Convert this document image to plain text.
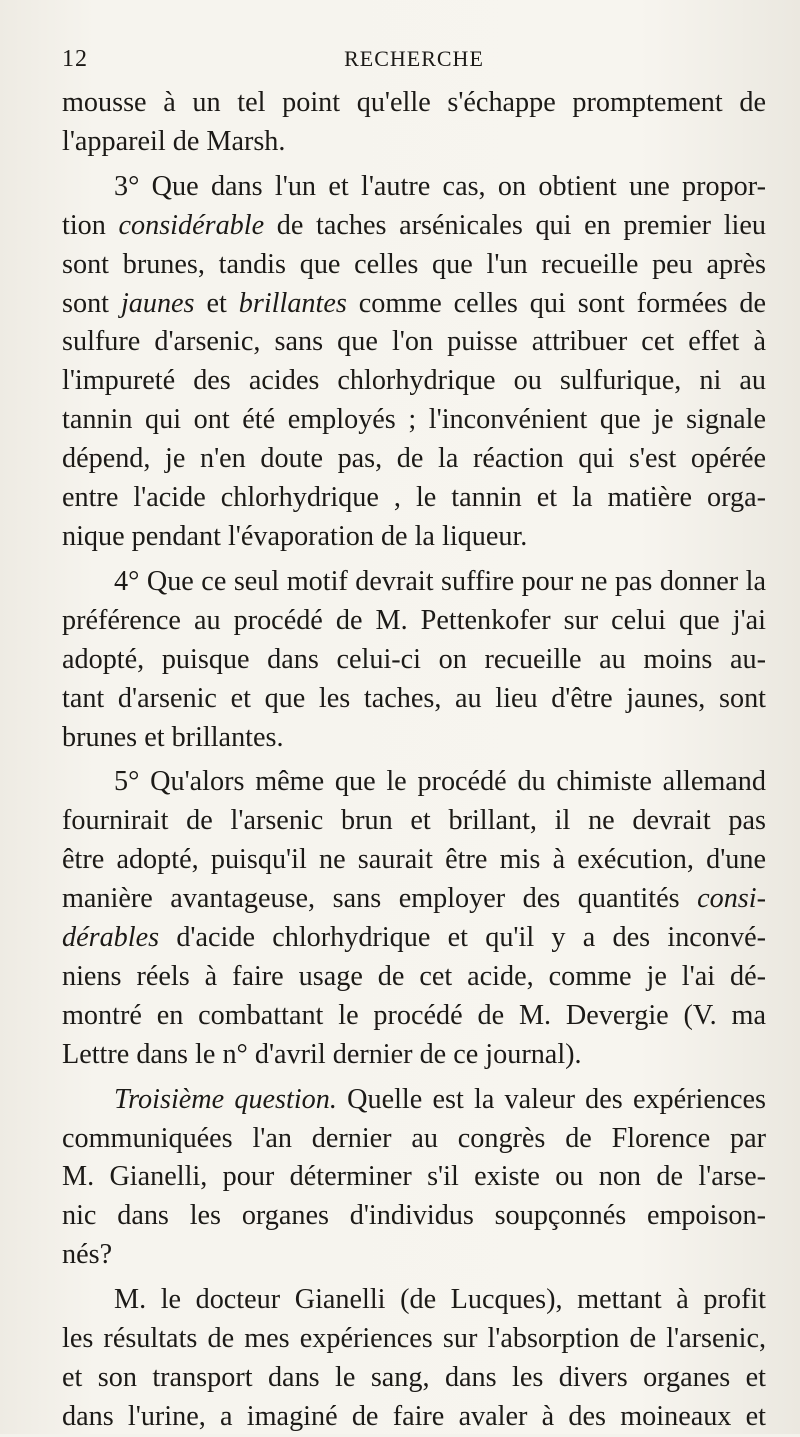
12	RECHERCHE
mousse à un tel point qu'elle s'échappe promptement de
l'appareil de Marsh.
3° Que dans l'un et l'autre cas, on obtient une propor-
tion considérable de taches arsénicales qui en premier lieu
sont brunes, tandis que celles que l'un recueille peu après
sont jaunes et brillantes comme celles qui sont formées de
sulfure d'arsenic, sans que l'on puisse attribuer cet effet à
l'impureté des acides chlorhydrique ou sulfurique, ni au
tannin qui ont été employés ; l'inconvénient que je signale
dépend, je n'en doute pas, de la réaction qui s'est opérée
entre l'acide chlorhydrique , le tannin et la matière orga-
nique pendant l'évaporation de la liqueur.
4° Que ce seul motif devrait suffire pour ne pas donner la
préférence au procédé de M. Pettenkofer sur celui que j'ai
adopté, puisque dans celui-ci on recueille au moins au-
tant d'arsenic et que les taches, au lieu d'être jaunes, sont
brunes et brillantes.
5° Qu'alors même que le procédé du chimiste allemand
fournirait de l'arsenic brun et brillant, il ne devrait pas
être adopté, puisqu'il ne saurait être mis à exécution, d'une
manière avantageuse, sans employer des quantités consi-
dérables d'acide chlorhydrique et qu'il y a des inconvé-
niens réels à faire usage de cet acide, comme je l'ai dé-
montré en combattant le procédé de M. Devergie (V. ma
Lettre dans le n° d'avril dernier de ce journal).
Troisième question. Quelle est la valeur des expériences
communiquées l'an dernier au congrès de Florence par
M. Gianelli, pour déterminer s'il existe ou non de l'arse-
nic dans les organes d'individus soupçonnés empoison-
nés?
M. le docteur Gianelli (de Lucques), mettant à profit
les résultats de mes expériences sur l'absorption de l'arsenic,
et son transport dans le sang, dans les divers organes et
dans l'urine, a imaginé de faire avaler à des moineaux et
